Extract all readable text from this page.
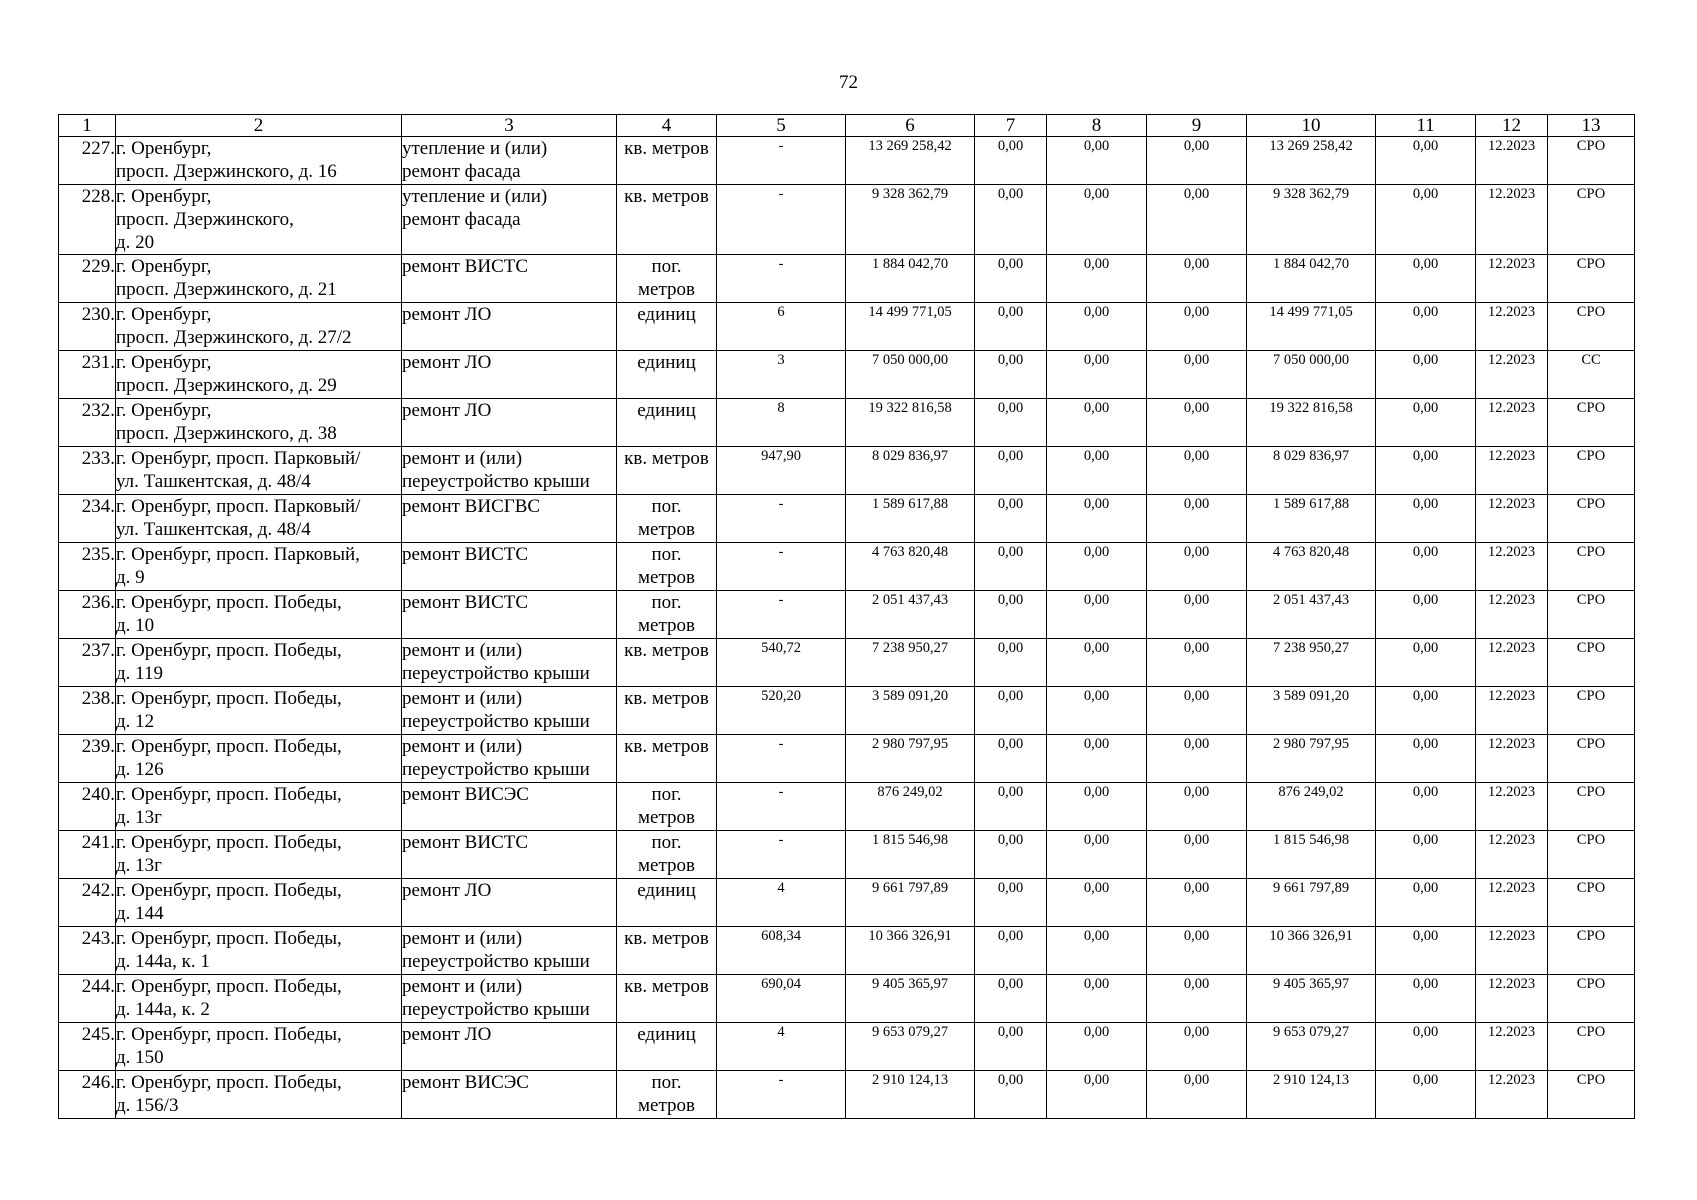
72
1	2	3	4	5	6	7	8	9	10	11	12	13

227.	г. Оренбург,
просп. Дзержинского, д. 16	утепление и (или)
ремонт фасада	кв. метров	-	13 269 258,42	0,00	0,00	0,00	13 269 258,42	0,00	12.2023	СРО

228.	г. Оренбург,
просп. Дзержинского,
д. 20	утепление и (или)
ремонт фасада	кв. метров	-	9 328 362,79	0,00	0,00	0,00	9 328 362,79	0,00	12.2023	СРО

229.	г. Оренбург,
просп. Дзержинского, д. 21	ремонт ВИСТС	пог.
метров	-	1 884 042,70	0,00	0,00	0,00	1 884 042,70	0,00	12.2023	СРО

230.	г. Оренбург,
просп. Дзержинского, д. 27/2	ремонт ЛО	единиц	6	14 499 771,05	0,00	0,00	0,00	14 499 771,05	0,00	12.2023	СРО

231.	г. Оренбург,
просп. Дзержинского, д. 29	ремонт ЛО	единиц	3	7 050 000,00	0,00	0,00	0,00	7 050 000,00	0,00	12.2023	СС

232.	г. Оренбург,
просп. Дзержинского, д. 38	ремонт ЛО	единиц	8	19 322 816,58	0,00	0,00	0,00	19 322 816,58	0,00	12.2023	СРО

233.	г. Оренбург, просп. Парковый/
ул. Ташкентская, д. 48/4	ремонт и (или)
переустройство крыши	кв. метров	947,90	8 029 836,97	0,00	0,00	0,00	8 029 836,97	0,00	12.2023	СРО

234.	г. Оренбург, просп. Парковый/
ул. Ташкентская, д. 48/4	ремонт ВИСГВС	пог.
метров	-	1 589 617,88	0,00	0,00	0,00	1 589 617,88	0,00	12.2023	СРО

235.	г. Оренбург, просп. Парковый,
д. 9	ремонт ВИСТС	пог.
метров	-	4 763 820,48	0,00	0,00	0,00	4 763 820,48	0,00	12.2023	СРО

236.	г. Оренбург, просп. Победы,
д. 10	ремонт ВИСТС	пог.
метров	-	2 051 437,43	0,00	0,00	0,00	2 051 437,43	0,00	12.2023	СРО

237.	г. Оренбург, просп. Победы,
д. 119	ремонт и (или)
переустройство крыши	кв. метров	540,72	7 238 950,27	0,00	0,00	0,00	7 238 950,27	0,00	12.2023	СРО

238.	г. Оренбург, просп. Победы,
д. 12	ремонт и (или)
переустройство крыши	кв. метров	520,20	3 589 091,20	0,00	0,00	0,00	3 589 091,20	0,00	12.2023	СРО

239.	г. Оренбург, просп. Победы,
д. 126	ремонт и (или)
переустройство крыши	кв. метров	-	2 980 797,95	0,00	0,00	0,00	2 980 797,95	0,00	12.2023	СРО

240.	г. Оренбург, просп. Победы,
д. 13г	ремонт ВИСЭС	пог.
метров	-	876 249,02	0,00	0,00	0,00	876 249,02	0,00	12.2023	СРО

241.	г. Оренбург, просп. Победы,
д. 13г	ремонт ВИСТС	пог.
метров	-	1 815 546,98	0,00	0,00	0,00	1 815 546,98	0,00	12.2023	СРО

242.	г. Оренбург, просп. Победы,
д. 144	ремонт ЛО	единиц	4	9 661 797,89	0,00	0,00	0,00	9 661 797,89	0,00	12.2023	СРО

243.	г. Оренбург, просп. Победы,
д. 144а, к. 1	ремонт и (или)
переустройство крыши	кв. метров	608,34	10 366 326,91	0,00	0,00	0,00	10 366 326,91	0,00	12.2023	СРО

244.	г. Оренбург, просп. Победы,
д. 144а, к. 2	ремонт и (или)
переустройство крыши	кв. метров	690,04	9 405 365,97	0,00	0,00	0,00	9 405 365,97	0,00	12.2023	СРО

245.	г. Оренбург, просп. Победы,
д. 150	ремонт ЛО	единиц	4	9 653 079,27	0,00	0,00	0,00	9 653 079,27	0,00	12.2023	СРО

246.	г. Оренбург, просп. Победы,
д. 156/3	ремонт ВИСЭС	пог.
метров	-	2 910 124,13	0,00	0,00	0,00	2 910 124,13	0,00	12.2023	СРО
